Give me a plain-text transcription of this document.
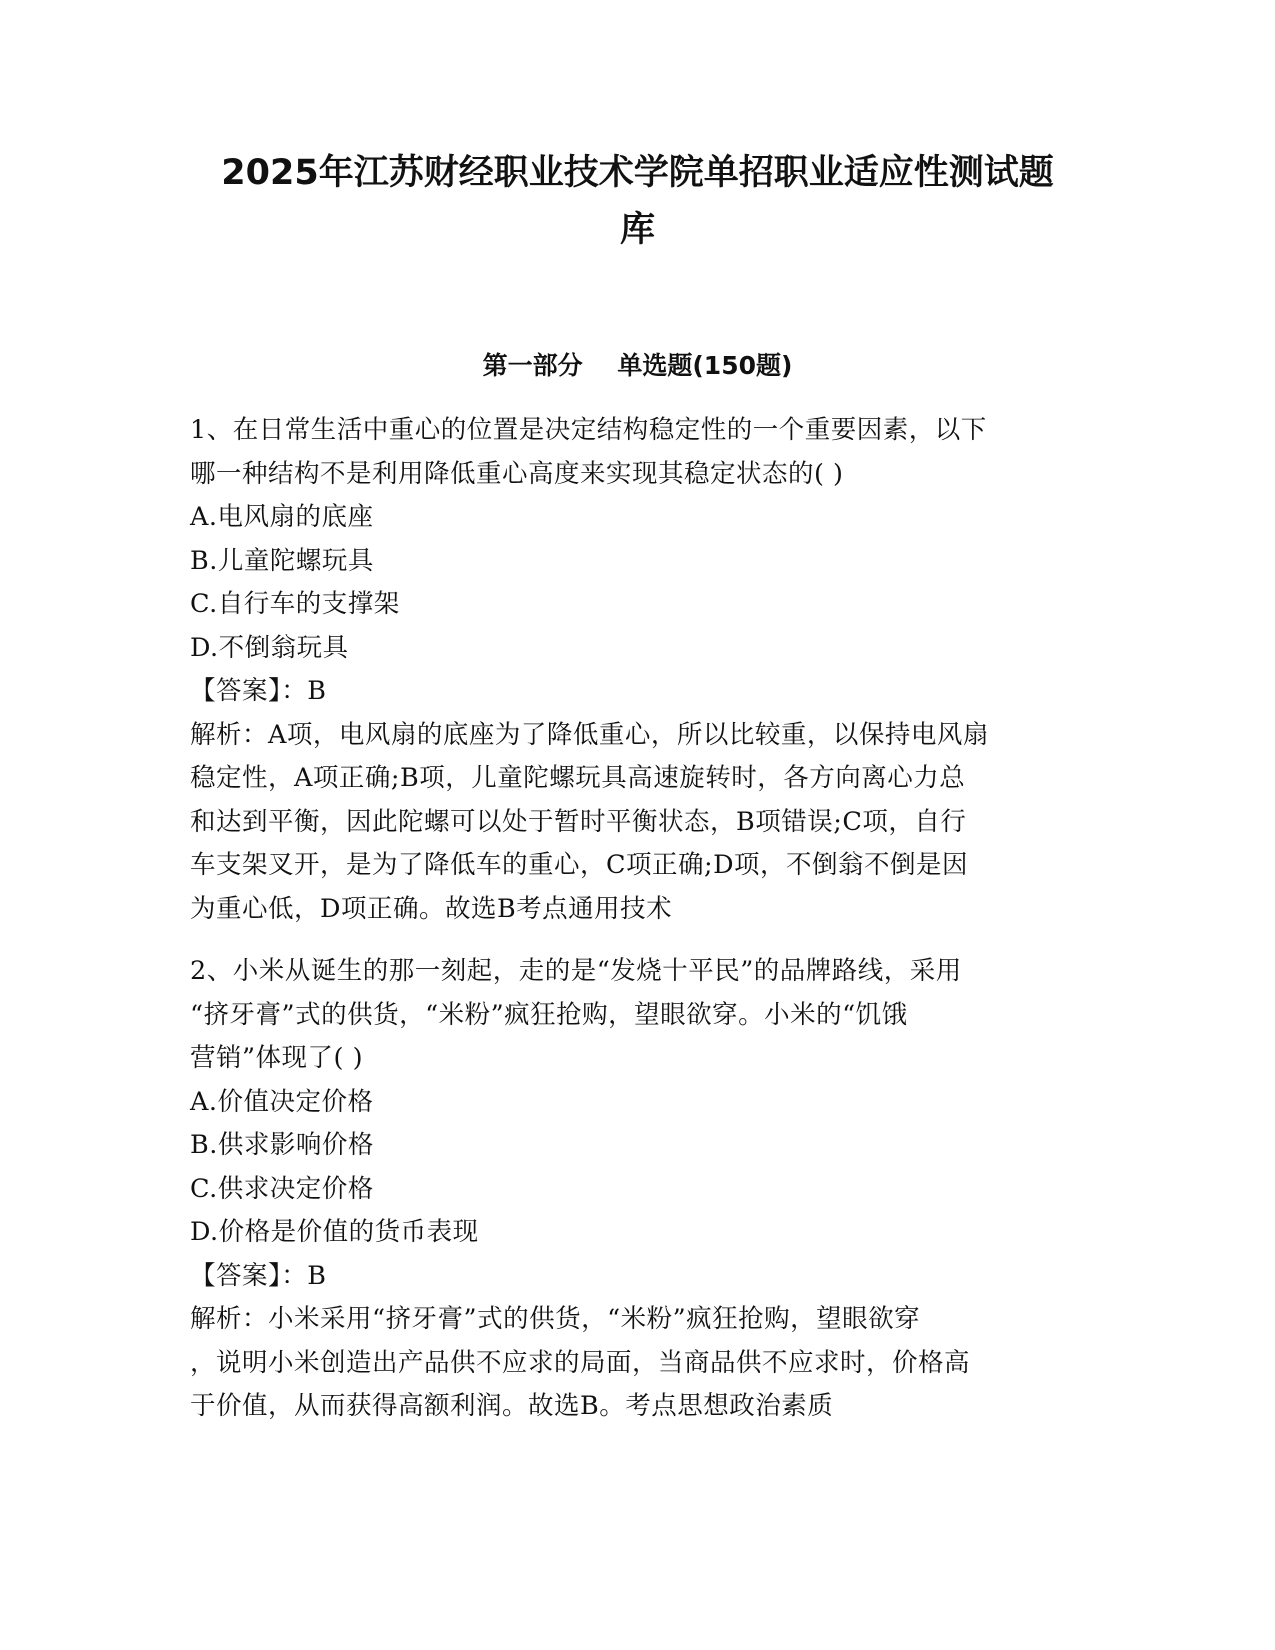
2025年江苏财经职业技术学院单招职业适应性测试题
库
第一部分    单选题(150题)
1、在日常生活中重心的位置是决定结构稳定性的一个重要因素，以下
哪一种结构不是利用降低重心高度来实现其稳定状态的( )
A.电风扇的底座
B.儿童陀螺玩具
C.自行车的支撑架
D.不倒翁玩具
【答案】：B
解析：A项，电风扇的底座为了降低重心，所以比较重，以保持电风扇
稳定性，A项正确;B项，儿童陀螺玩具高速旋转时，各方向离心力总
和达到平衡，因此陀螺可以处于暂时平衡状态，B项错误;C项，自行
车支架叉开，是为了降低车的重心，C项正确;D项，不倒翁不倒是因
为重心低，D项正确。故选B考点通用技术
2、小米从诞生的那一刻起，走的是“发烧十平民”的品牌路线，采用
“挤牙膏”式的供货，“米粉”疯狂抢购，望眼欲穿。小米的“饥饿
营销”体现了( )
A.价值决定价格
B.供求影响价格
C.供求决定价格
D.价格是价值的货币表现
【答案】：B
解析：小米采用“挤牙膏”式的供货，“米粉”疯狂抢购，望眼欲穿
，说明小米创造出产品供不应求的局面，当商品供不应求时，价格高
于价值，从而获得高额利润。故选B。考点思想政治素质
